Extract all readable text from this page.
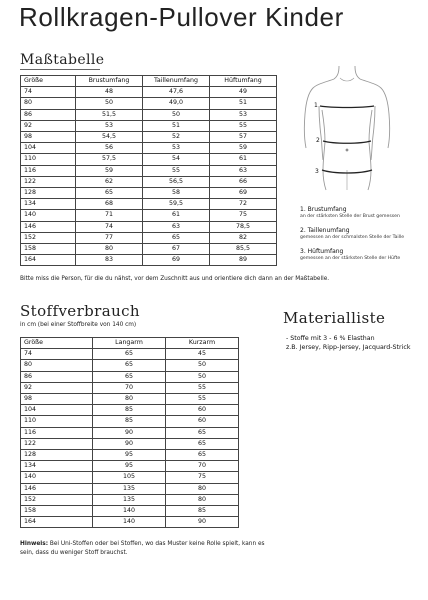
Rollkragen-Pullover Kinder
Maßtabelle
Größe	Brustumfang	Taillenumfang	Hüftumfang
74	48	47,6	49
80	50	49,0	51
86	51,5	50	53
92	53	51	55
98	54,5	52	57
104	56	53	59
110	57,5	54	61
116	59	55	63
122	62	56,5	66
128	65	58	69
134	68	59,5	72
140	71	61	75
146	74	63	78,5
152	77	65	82
158	80	67	85,5
164	83	69	89
Bitte miss die Person, für die du nähst, vor dem Zuschnitt aus und orientiere dich dann an der Maßtabelle.
1
2
3
1. Brustumfang
an der stärksten Stelle der Brust gemessen
2. Taillenumfang
gemessen an der schmalsten Stelle der Taille
3. Hüftumfang
gemessen an der stärksten Stelle der Hüfte
Stoffverbrauch
in cm (bei einer Stoffbreite von 140 cm)
Größe	Langarm	Kurzarm
74	65	45
80	65	50
86	65	50
92	70	55
98	80	55
104	85	60
110	85	60
116	90	65
122	90	65
128	95	65
134	95	70
140	105	75
146	135	80
152	135	80
158	140	85
164	140	90
Hinweis: Bei Uni-Stoffen oder bei Stoffen, wo das Muster keine Rolle spielt, kann es sein, dass du weniger Stoff brauchst.
Materialliste
- Stoffe mit 3 - 6 % Elasthan
z.B. Jersey, Ripp-Jersey, Jacquard-Strick
